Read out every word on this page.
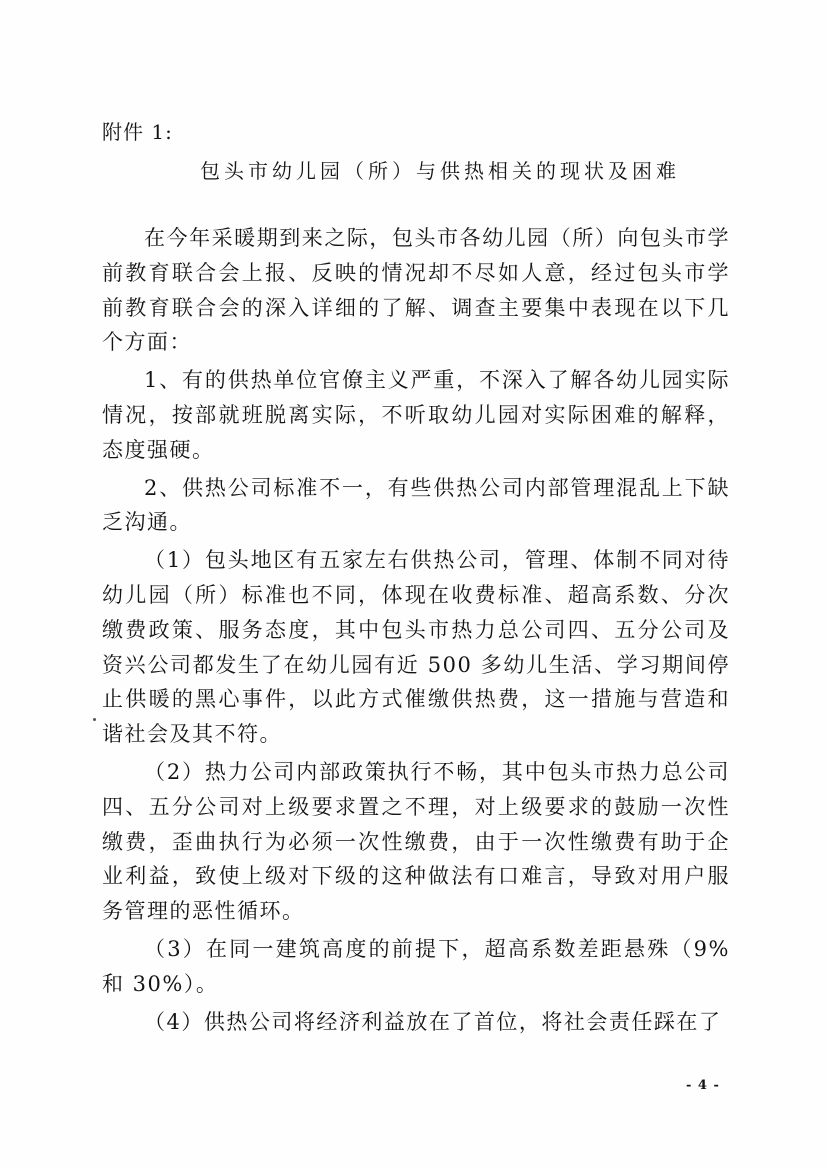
附件 1:
包头市幼儿园（所）与供热相关的现状及困难

在今年采暖期到来之际，包头市各幼儿园（所）向包头市学前教育联合会上报、反映的情况却不尽如人意，经过包头市学前教育联合会的深入详细的了解、调查主要集中表现在以下几个方面：

1、有的供热单位官僚主义严重，不深入了解各幼儿园实际情况，按部就班脱离实际，不听取幼儿园对实际困难的解释，态度强硬。

2、供热公司标准不一，有些供热公司内部管理混乱上下缺乏沟通。

（1）包头地区有五家左右供热公司，管理、体制不同对待幼儿园（所）标准也不同，体现在收费标准、超高系数、分次缴费政策、服务态度，其中包头市热力总公司四、五分公司及资兴公司都发生了在幼儿园有近 500 多幼儿生活、学习期间停止供暖的黑心事件，以此方式催缴供热费，这一措施与营造和谐社会及其不符。

（2）热力公司内部政策执行不畅，其中包头市热力总公司四、五分公司对上级要求置之不理，对上级要求的鼓励一次性缴费，歪曲执行为必须一次性缴费，由于一次性缴费有助于企业利益，致使上级对下级的这种做法有口难言，导致对用户服务管理的恶性循环。

（3）在同一建筑高度的前提下，超高系数差距悬殊（9%和 30%）。

（4）供热公司将经济利益放在了首位，将社会责任踩在了

- 4 -
